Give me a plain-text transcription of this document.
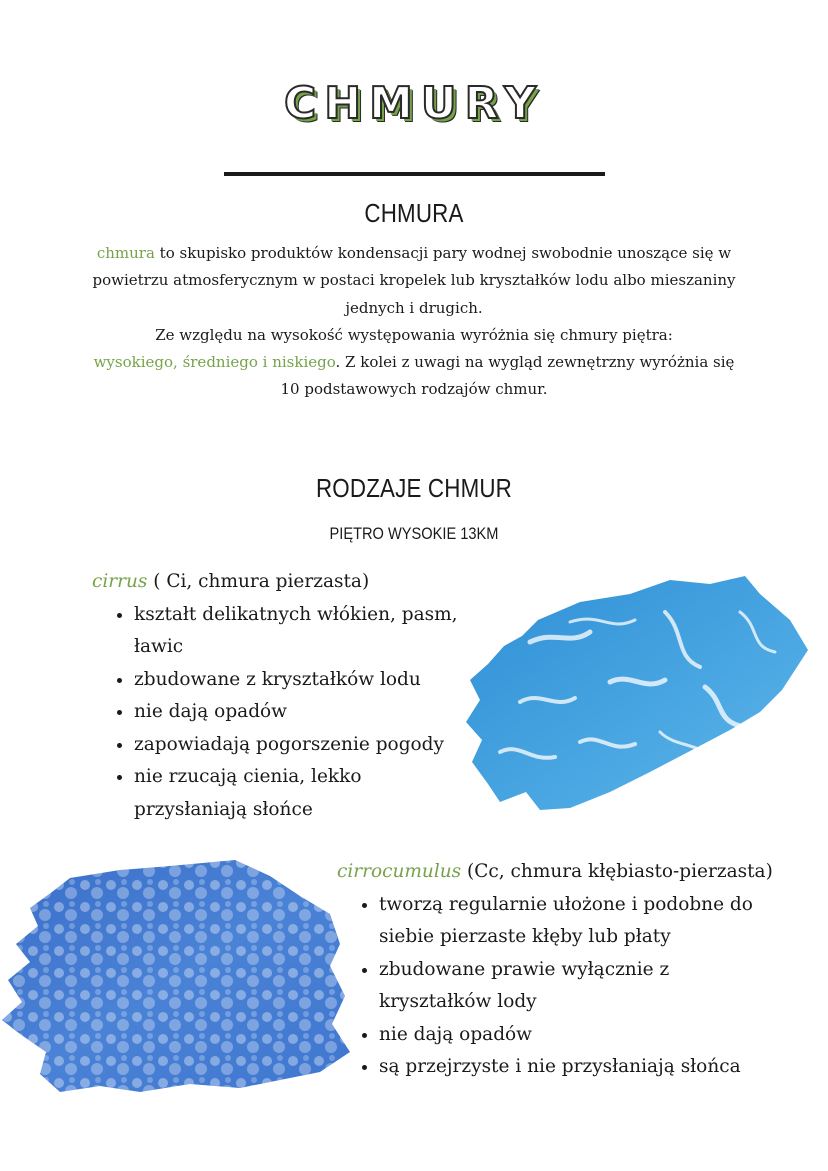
CHMURY
CHMURA
chmura to skupisko produktów kondensacji pary wodnej swobodnie unoszące się w powietrzu atmosferycznym w postaci kropelek lub kryształków lodu albo mieszaniny jednych i drugich.
Ze względu na wysokość występowania wyróżnia się chmury piętra:
wysokiego, średniego i niskiego. Z kolei z uwagi na wygląd zewnętrzny wyróżnia się 10 podstawowych rodzajów chmur.
RODZAJE CHMUR
PIĘTRO WYSOKIE 13KM
cirrus ( Ci, chmura pierzasta)
• kształt delikatnych włókien, pasm, ławic
• zbudowane z kryształków lodu
• nie dają opadów
• zapowiadają pogorszenie pogody
• nie rzucają cienia, lekko przysłaniają słońce
cirrocumulus (Cc, chmura kłębiasto-pierzasta)
• tworzą regularnie ułożone i podobne do siebie pierzaste kłęby lub płaty
• zbudowane prawie wyłącznie z kryształków lody
• nie dają opadów
• są przejrzyste i nie przysłaniają słońca
